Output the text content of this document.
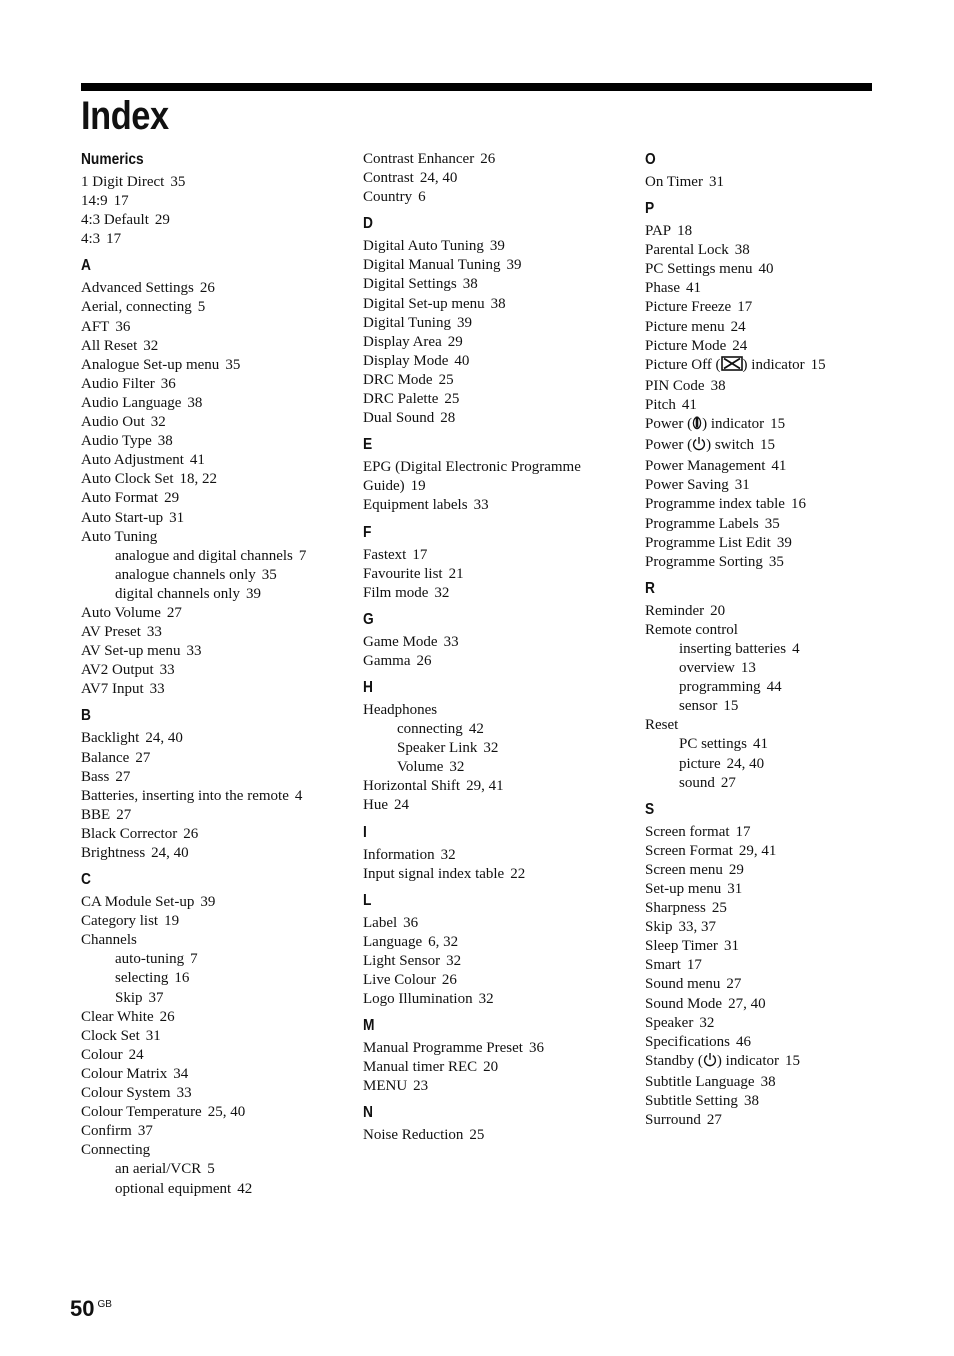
Index
Numerics
1 Digit Direct 35
14:9 17
4:3 Default 29
4:3 17
A
Advanced Settings 26
Aerial, connecting 5
AFT 36
All Reset 32
Analogue Set-up menu 35
Audio Filter 36
Audio Language 38
Audio Out 32
Audio Type 38
Auto Adjustment 41
Auto Clock Set 18, 22
Auto Format 29
Auto Start-up 31
Auto Tuning
analogue and digital channels 7
analogue channels only 35
digital channels only 39
Auto Volume 27
AV Preset 33
AV Set-up menu 33
AV2 Output 33
AV7 Input 33
B
Backlight 24, 40
Balance 27
Bass 27
Batteries, inserting into the remote 4
BBE 27
Black Corrector 26
Brightness 24, 40
C
CA Module Set-up 39
Category list 19
Channels
auto-tuning 7
selecting 16
Skip 37
Clear White 26
Clock Set 31
Colour 24
Colour Matrix 34
Colour System 33
Colour Temperature 25, 40
Confirm 37
Connecting
an aerial/VCR 5
optional equipment 42
Contrast Enhancer 26
Contrast 24, 40
Country 6
D
Digital Auto Tuning 39
Digital Manual Tuning 39
Digital Settings 38
Digital Set-up menu 38
Digital Tuning 39
Display Area 29
Display Mode 40
DRC Mode 25
DRC Palette 25
Dual Sound 28
E
EPG (Digital Electronic Programme Guide) 19
Equipment labels 33
F
Fastext 17
Favourite list 21
Film mode 32
G
Game Mode 33
Gamma 26
H
Headphones
connecting 42
Speaker Link 32
Volume 32
Horizontal Shift 29, 41
Hue 24
I
Information 32
Input signal index table 22
L
Label 36
Language 6, 32
Light Sensor 32
Live Colour 26
Logo Illumination 32
M
Manual Programme Preset 36
Manual timer REC 20
MENU 23
N
Noise Reduction 25
O
On Timer 31
P
PAP 18
Parental Lock 38
PC Settings menu 40
Phase 41
Picture Freeze 17
Picture menu 24
Picture Mode 24
Picture Off ( ) indicator 15
PIN Code 38
Pitch 41
Power ( ) indicator 15
Power ( ) switch 15
Power Management 41
Power Saving 31
Programme index table 16
Programme Labels 35
Programme List Edit 39
Programme Sorting 35
R
Reminder 20
Remote control
inserting batteries 4
overview 13
programming 44
sensor 15
Reset
PC settings 41
picture 24, 40
sound 27
S
Screen format 17
Screen Format 29, 41
Screen menu 29
Set-up menu 31
Sharpness 25
Skip 33, 37
Sleep Timer 31
Smart 17
Sound menu 27
Sound Mode 27, 40
Speaker 32
Specifications 46
Standby ( ) indicator 15
Subtitle Language 38
Subtitle Setting 38
Surround 27
50 $^{GB}$
